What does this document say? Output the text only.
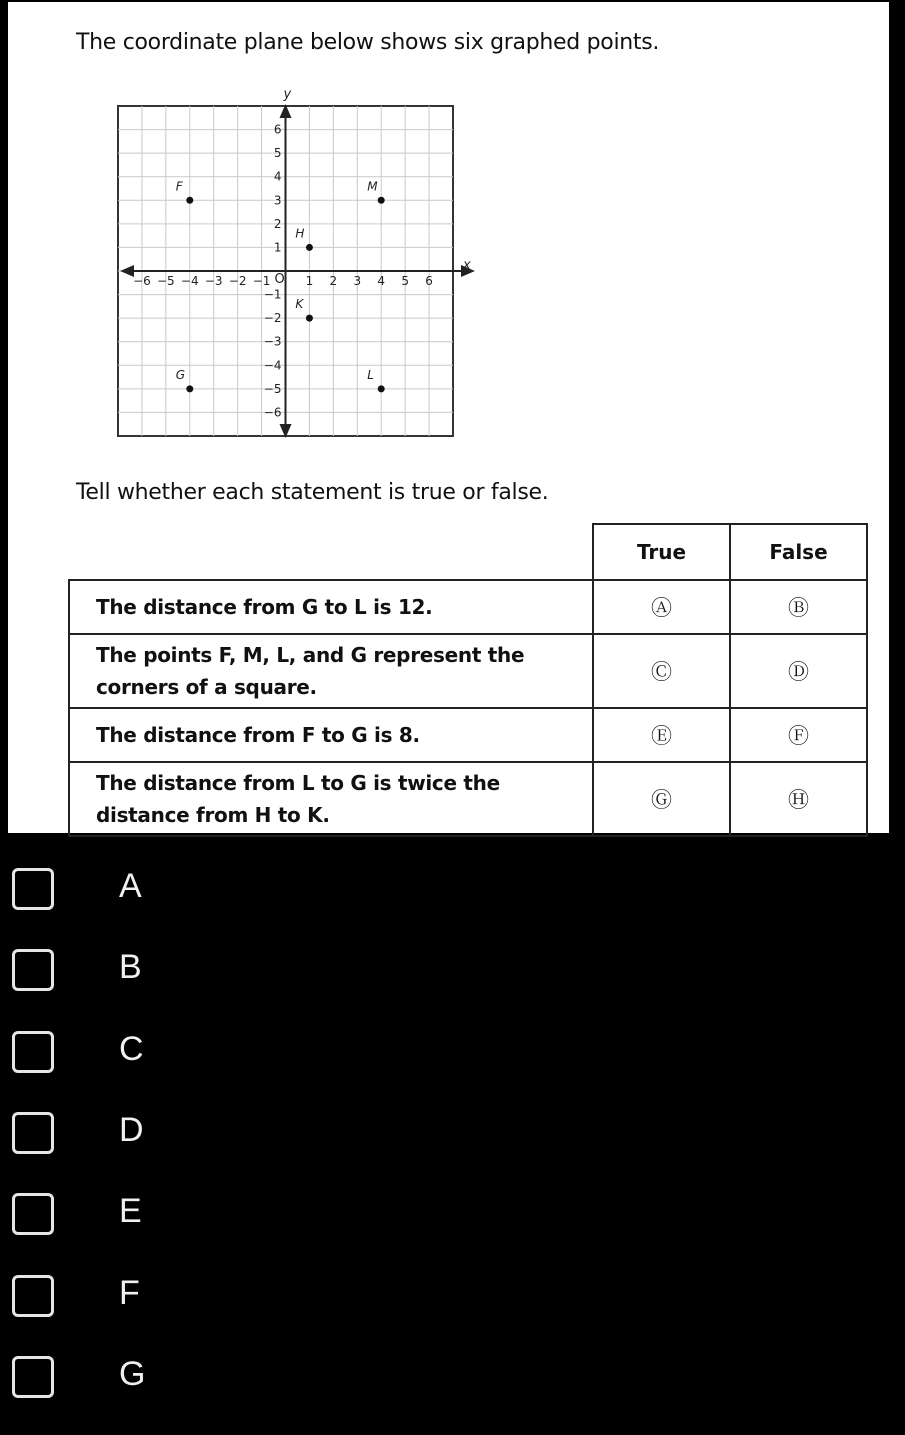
The coordinate plane below shows six graphed points.
x
y
O
−6 −5 −4 −3 −2 −1	1 2 3 4 5 6
−6
−5
−4
−3
−2
−1
1
2
3
4
5
6
F	M
H
K
G	L
Tell whether each statement is true or false.
	True	False
The distance from G to L is 12.	Ⓐ	Ⓑ
The points F, M, L, and G represent the corners of a square.	Ⓒ	Ⓓ
The distance from F to G is 8.	Ⓔ	Ⓕ
The distance from L to G is twice the distance from H to K.	Ⓖ	Ⓗ
A
B
C
D
E
F
G
